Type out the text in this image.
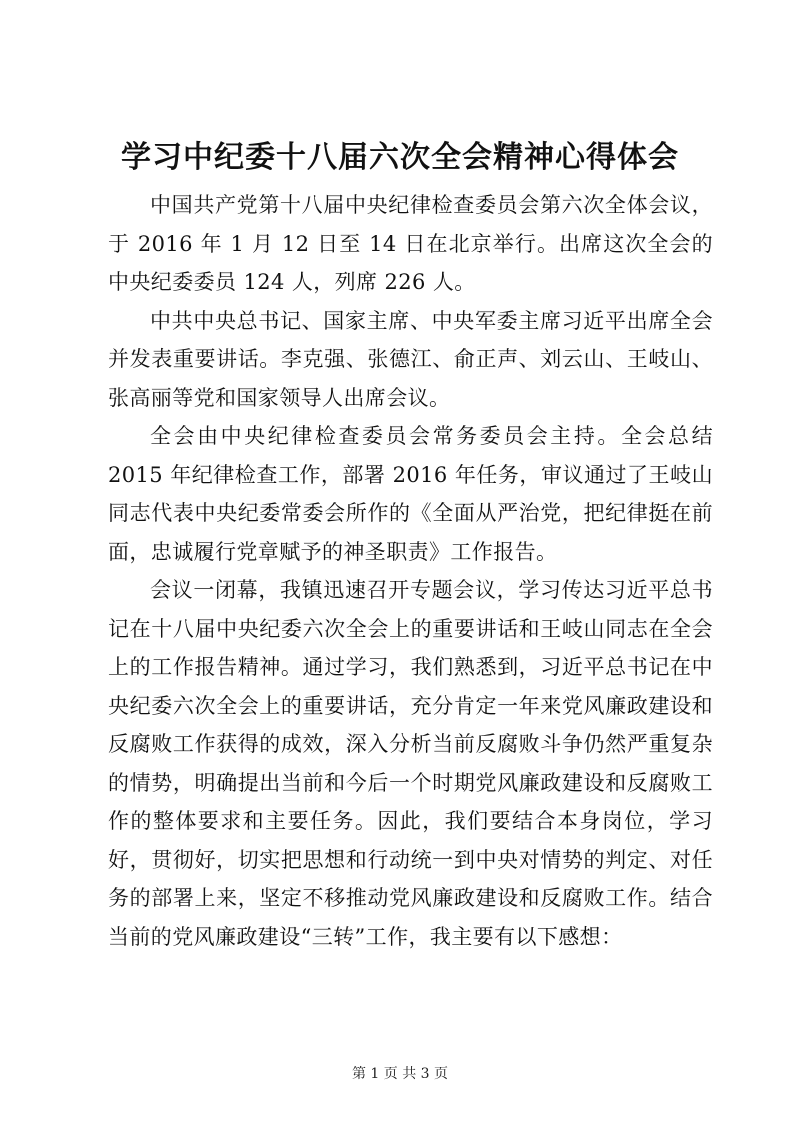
学习中纪委十八届六次全会精神心得体会

中国共产党第十八届中央纪律检查委员会第六次全体会议，于 2016 年 1 月 12 日至 14 日在北京举行。出席这次全会的中央纪委委员 124 人，列席 226 人。

中共中央总书记、国家主席、中央军委主席习近平出席全会并发表重要讲话。李克强、张德江、俞正声、刘云山、王岐山、张高丽等党和国家领导人出席会议。

全会由中央纪律检查委员会常务委员会主持。全会总结 2015 年纪律检查工作，部署 2016 年任务，审议通过了王岐山同志代表中央纪委常委会所作的《全面从严治党，把纪律挺在前面，忠诚履行党章赋予的神圣职责》工作报告。

会议一闭幕，我镇迅速召开专题会议，学习传达习近平总书记在十八届中央纪委六次全会上的重要讲话和王岐山同志在全会上的工作报告精神。通过学习，我们熟悉到，习近平总书记在中央纪委六次全会上的重要讲话，充分肯定一年来党风廉政建设和反腐败工作获得的成效，深入分析当前反腐败斗争仍然严重复杂的情势，明确提出当前和今后一个时期党风廉政建设和反腐败工作的整体要求和主要任务。因此，我们要结合本身岗位，学习好，贯彻好，切实把思想和行动统一到中央对情势的判定、对任务的部署上来，坚定不移推动党风廉政建设和反腐败工作。结合当前的党风廉政建设“三转”工作，我主要有以下感想：

第 1 页 共 3 页
